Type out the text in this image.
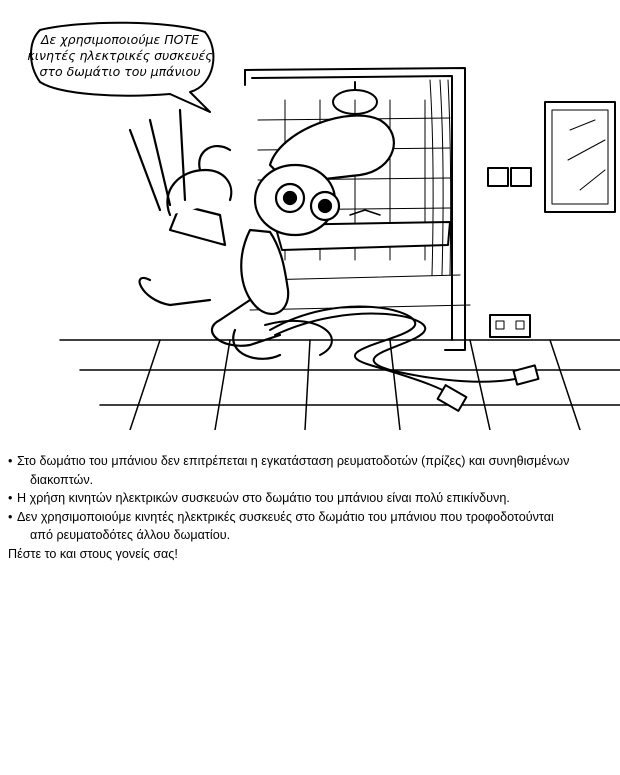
Δε χρησιμοποιούμε ΠΟΤΕ
κινητές ηλεκτρικές συσκευές
στο δωμάτιο του μπάνιου
• Στο δωμάτιο του μπάνιου δεν επιτρέπεται η εγκατάσταση ρευματοδοτών (πρίζες) και συνηθισμένων
διακοπτών.
• Η χρήση κινητών ηλεκτρικών συσκευών στο δωμάτιο του μπάνιου είναι πολύ επικίνδυνη.
• Δεν χρησιμοποιούμε κινητές ηλεκτρικές συσκευές στο δωμάτιο του μπάνιου που τροφοδοτούνται
από ρευματοδότες άλλου δωματίου.
Πέστε το και στους γονείς σας!
